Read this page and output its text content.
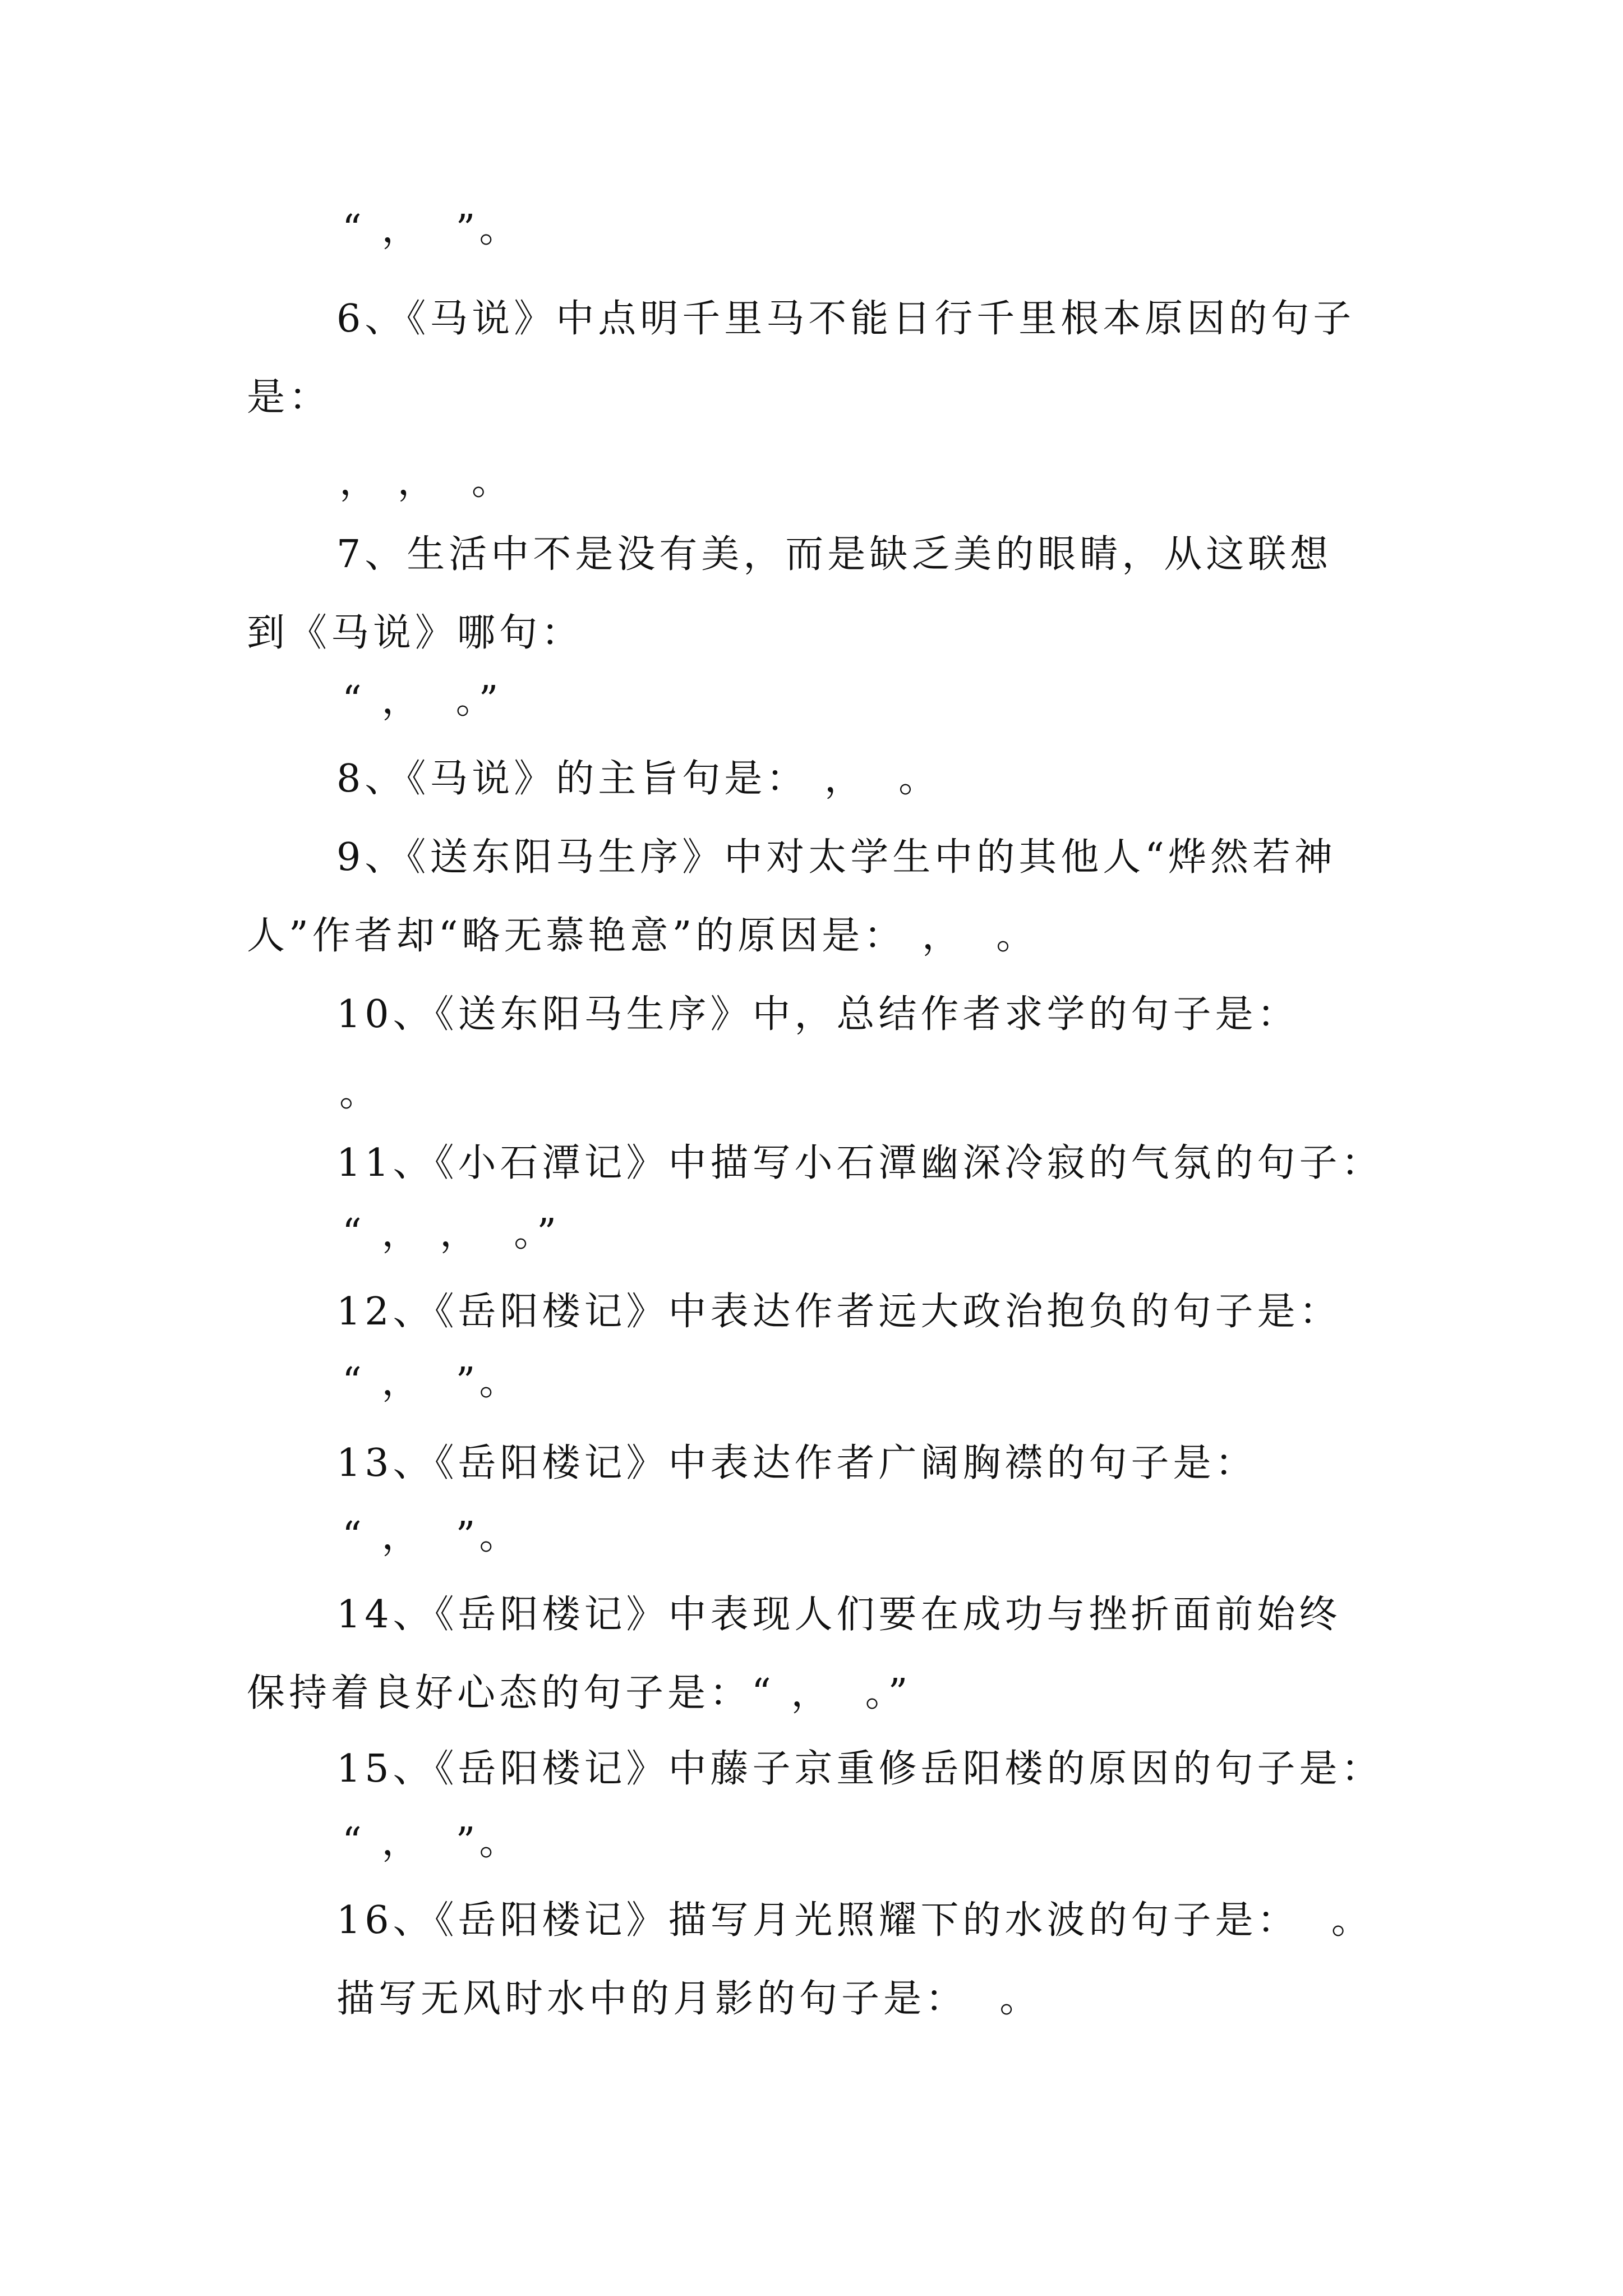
“ ，  ”。
6、《马说》中点明千里马不能日行千里根本原因的句子
是：
， ，  。
7、生活中不是没有美，而是缺乏美的眼睛，从这联想
到《马说》哪句：
“ ，  。”
8、《马说》的主旨句是： ，  。
9、《送东阳马生序》中对太学生中的其他人“烨然若神
人”作者却“略无慕艳意”的原因是： ，  。
10、《送东阳马生序》中，总结作者求学的句子是：
。
11、《小石潭记》中描写小石潭幽深冷寂的气氛的句子：
“ ， ，  。”
12、《岳阳楼记》中表达作者远大政治抱负的句子是：
“ ，  ”。
13、《岳阳楼记》中表达作者广阔胸襟的句子是：
“ ，  ”。
14、《岳阳楼记》中表现人们要在成功与挫折面前始终
保持着良好心态的句子是：“ ，  。”
15、《岳阳楼记》中藤子京重修岳阳楼的原因的句子是：
“ ，  ”。
16、《岳阳楼记》描写月光照耀下的水波的句子是：  。
描写无风时水中的月影的句子是：  。
